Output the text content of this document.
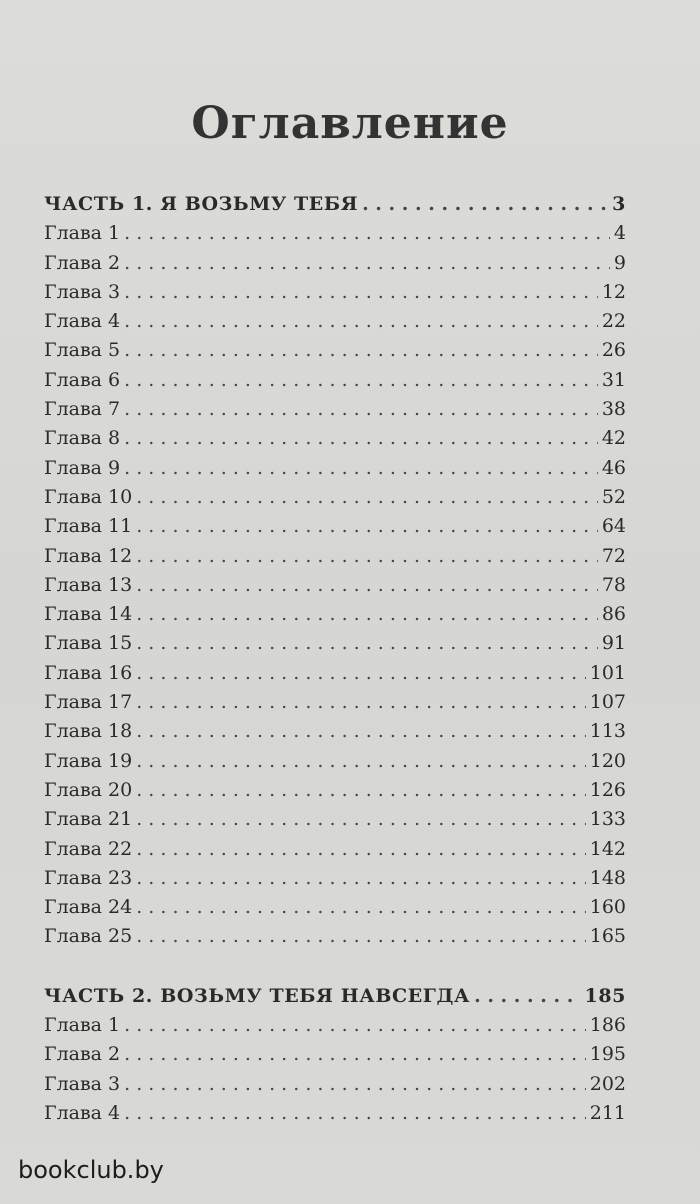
Оглавление
ЧАСТЬ 1. Я ВОЗЬМУ ТЕБЯ . . .	3
Глава 1 . . .	4
Глава 2 . . .	9
Глава 3 . . .	12
Глава 4 . . .	22
Глава 5 . . .	26
Глава 6 . . .	31
Глава 7 . . .	38
Глава 8 . . .	42
Глава 9 . . .	46
Глава 10 . . .	52
Глава 11 . . .	64
Глава 12 . . .	72
Глава 13 . . .	78
Глава 14 . . .	86
Глава 15 . . .	91
Глава 16 . . .	101
Глава 17 . . .	107
Глава 18 . . .	113
Глава 19 . . .	120
Глава 20 . . .	126
Глава 21 . . .	133
Глава 22 . . .	142
Глава 23 . . .	148
Глава 24 . . .	160
Глава 25 . . .	165
ЧАСТЬ 2. ВОЗЬМУ ТЕБЯ НАВСЕГДА . . .	185
Глава 1 . . .	186
Глава 2 . . .	195
Глава 3 . . .	202
Глава 4 . . .	211
bookclub.by
